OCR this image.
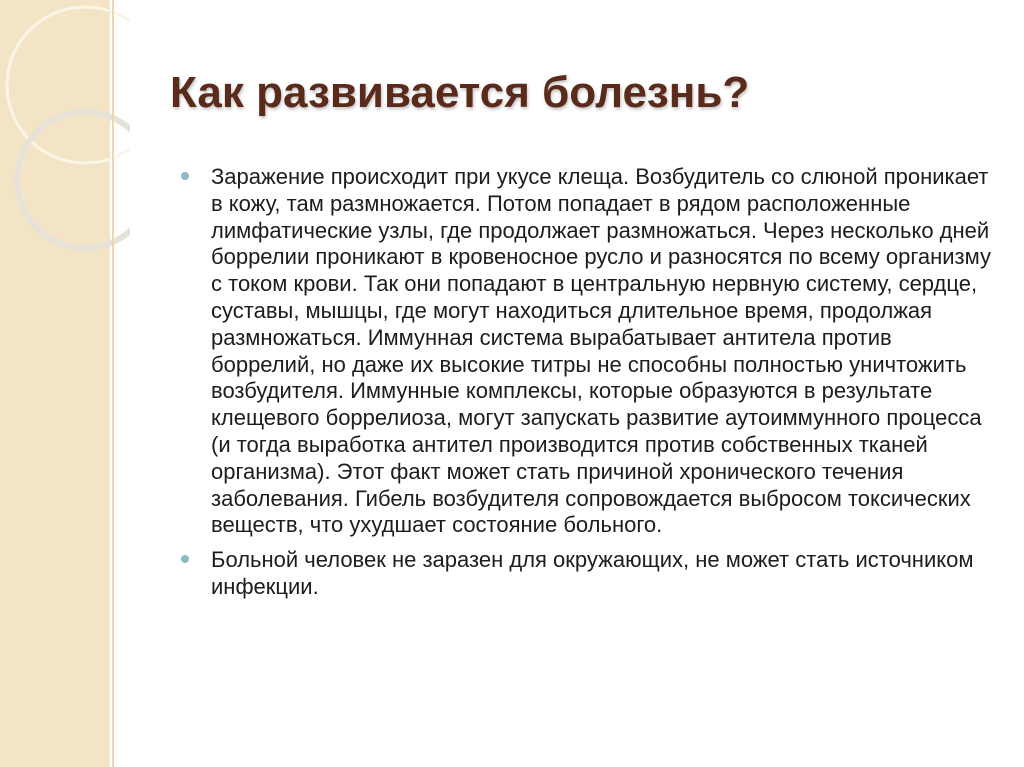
Как развивается болезнь?
Заражение происходит при укусе клеща. Возбудитель со слюной проникает в кожу, там размножается. Потом попадает в рядом расположенные лимфатические узлы, где продолжает размножаться. Через несколько дней боррелии проникают в кровеносное русло и разносятся по всему организму с током крови. Так они попадают в центральную нервную систему, сердце, суставы, мышцы, где могут находиться длительное время, продолжая размножаться. Иммунная система вырабатывает антитела против боррелий, но даже их высокие титры не способны полностью уничтожить возбудителя. Иммунные комплексы, которые образуются в результате клещевого боррелиоза, могут запускать развитие аутоиммунного процесса (и тогда выработка антител производится против собственных тканей организма). Этот факт может стать причиной хронического течения заболевания. Гибель возбудителя сопровождается выбросом токсических веществ, что ухудшает состояние больного.
Больной человек не заразен для окружающих, не может стать источником инфекции.
